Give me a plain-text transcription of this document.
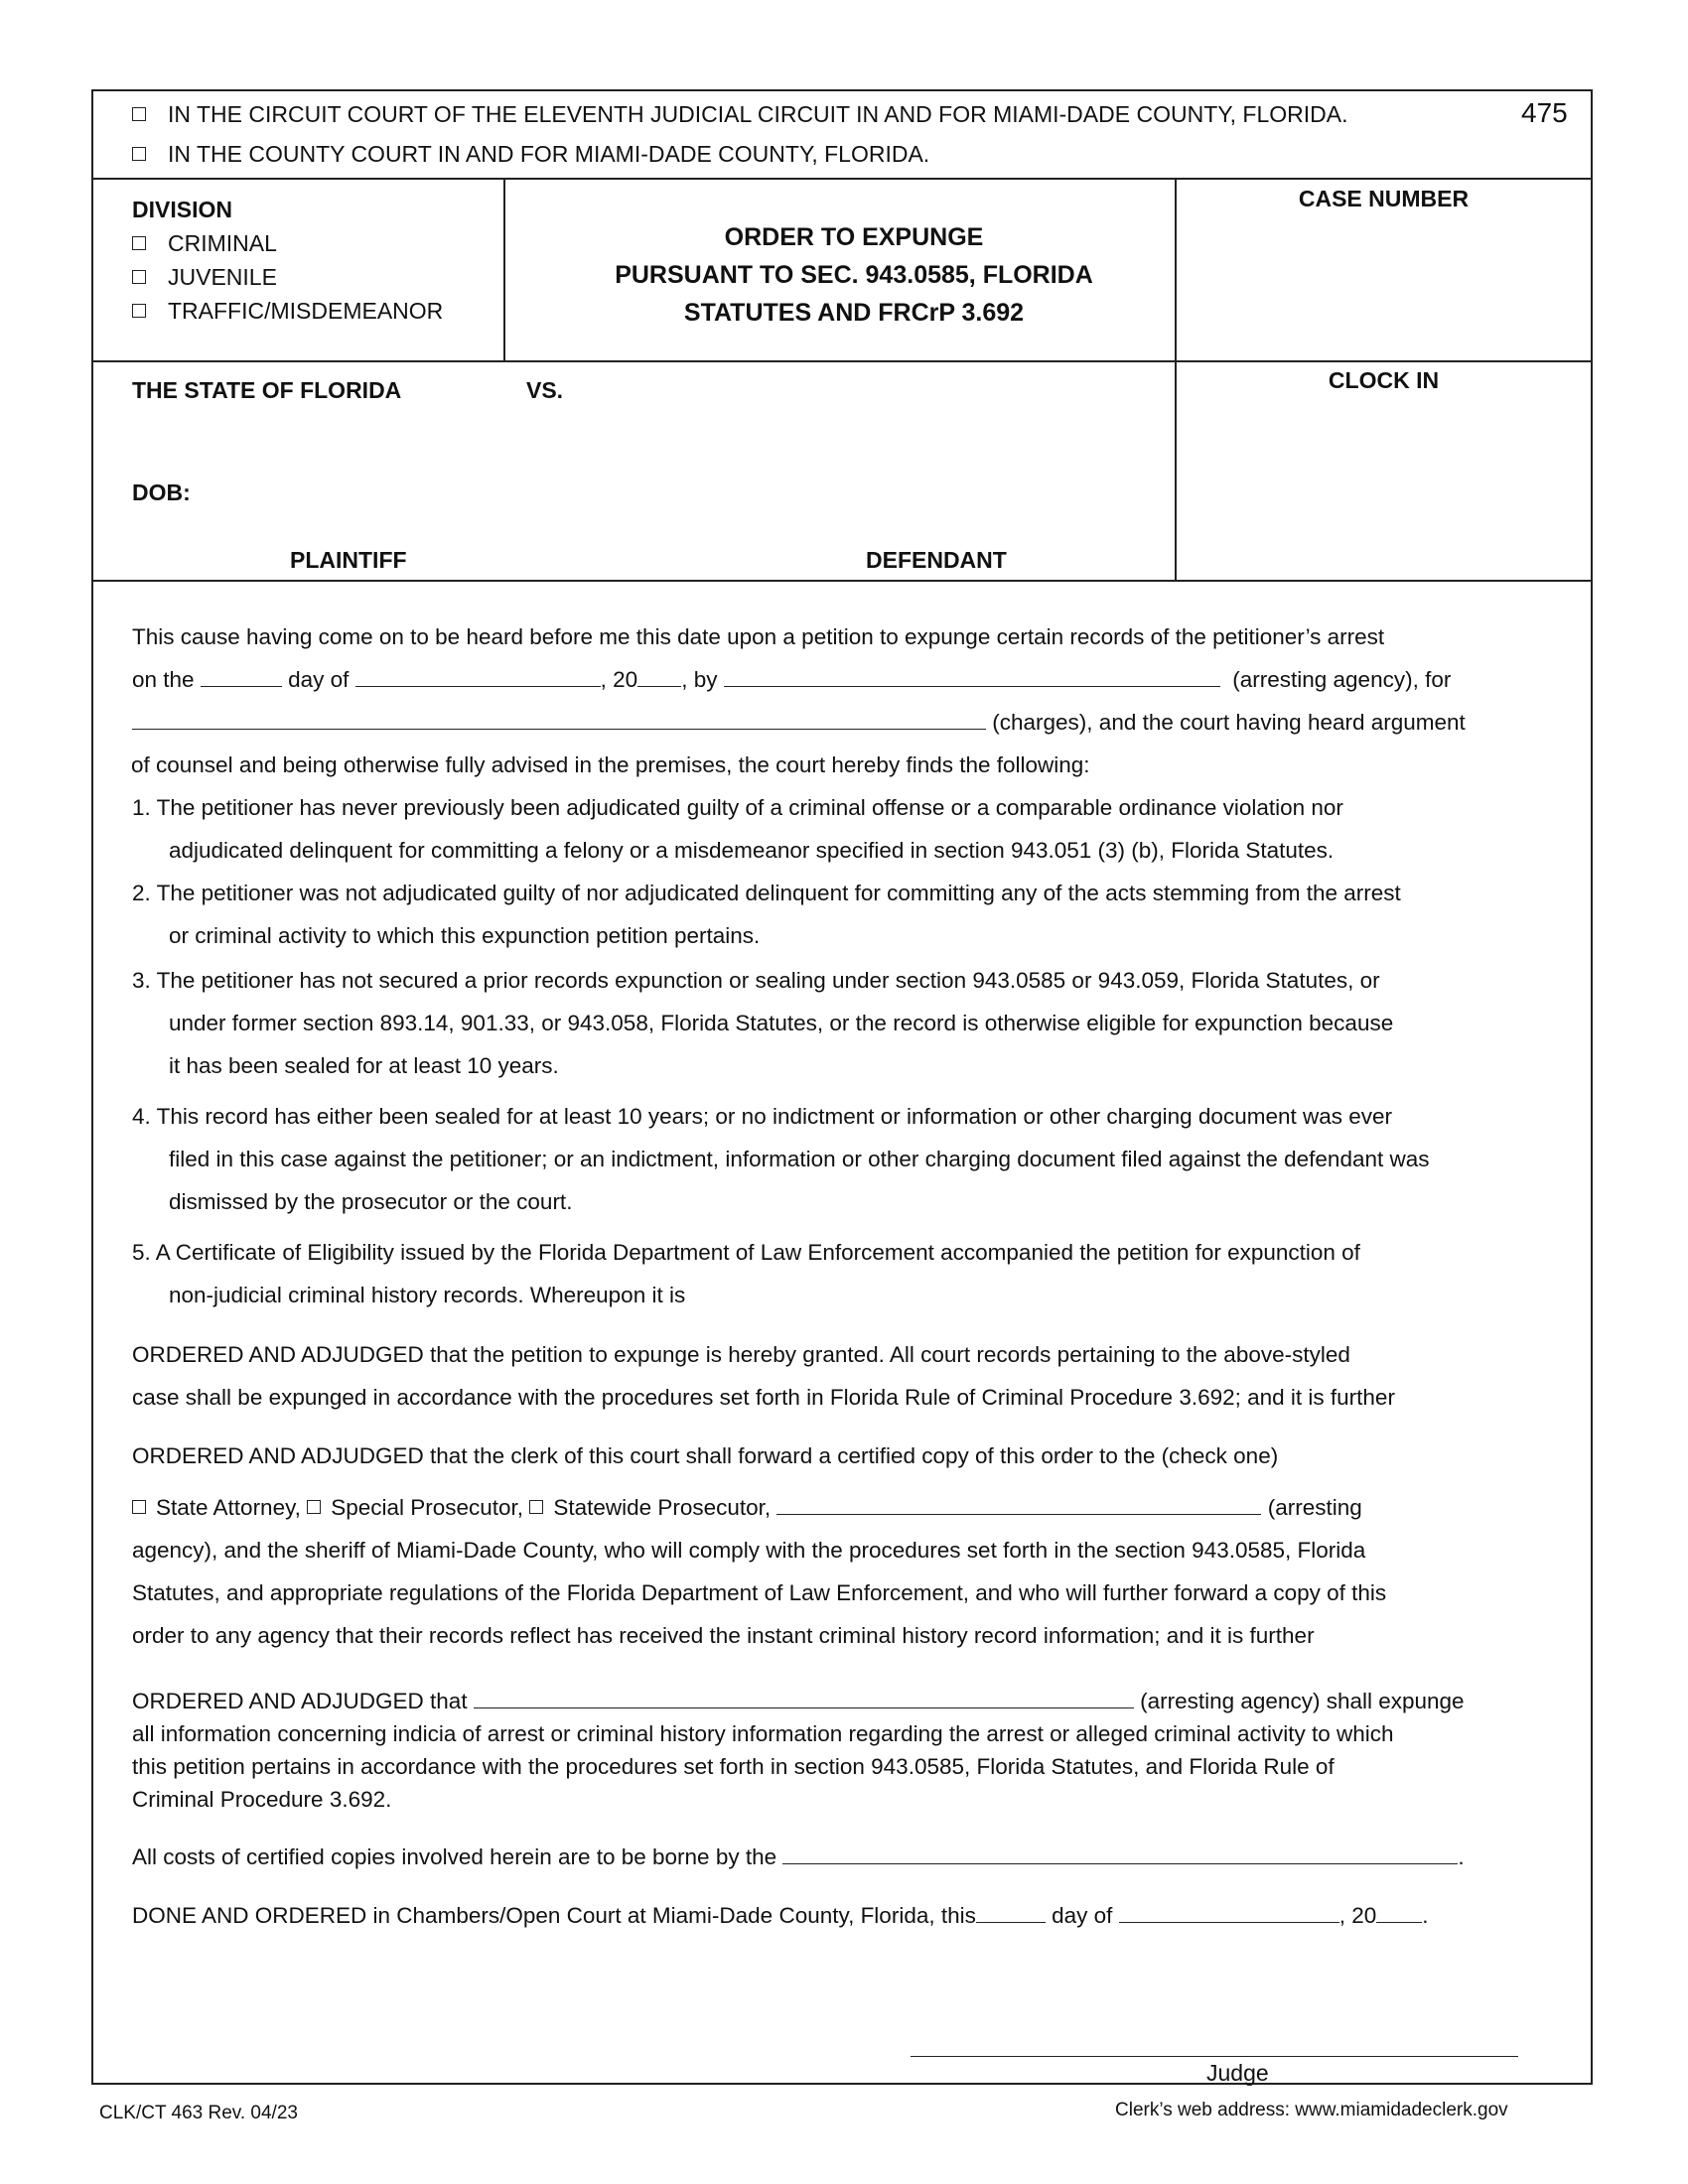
IN THE CIRCUIT COURT OF THE ELEVENTH JUDICIAL CIRCUIT IN AND FOR MIAMI-DADE COUNTY, FLORIDA.	475
IN THE COUNTY COURT IN AND FOR MIAMI-DADE COUNTY, FLORIDA.
DIVISION
CRIMINAL
JUVENILE
TRAFFIC/MISDEMEANOR
ORDER TO EXPUNGE
PURSUANT TO SEC. 943.0585, FLORIDA
STATUTES AND FRCrP 3.692
CASE NUMBER
THE STATE OF FLORIDA	VS.
DOB:
PLAINTIFF	DEFENDANT
CLOCK IN
This cause having come on to be heard before me this date upon a petition to expunge certain records of the petitioner’s arrest
on the	day of	, 20 , by	(arresting agency), for
(charges), and the court having heard argument
of counsel and being otherwise fully advised in the premises, the court hereby finds the following:
1. The petitioner has never previously been adjudicated guilty of a criminal offense or a comparable ordinance violation nor
adjudicated delinquent for committing a felony or a misdemeanor specified in section 943.051 (3) (b), Florida Statutes.
2. The petitioner was not adjudicated guilty of nor adjudicated delinquent for committing any of the acts stemming from the arrest
or criminal activity to which this expunction petition pertains.
3. The petitioner has not secured a prior records expunction or sealing under section 943.0585 or 943.059, Florida Statutes, or
under former section 893.14, 901.33, or 943.058, Florida Statutes, or the record is otherwise eligible for expunction because
it has been sealed for at least 10 years.
4. This record has either been sealed for at least 10 years; or no indictment or information or other charging document was ever
filed in this case against the petitioner; or an indictment, information or other charging document filed against the defendant was
dismissed by the prosecutor or the court.
5. A Certificate of Eligibility issued by the Florida Department of Law Enforcement accompanied the petition for expunction of
non-judicial criminal history records. Whereupon it is
ORDERED AND ADJUDGED that the petition to expunge is hereby granted. All court records pertaining to the above-styled
case shall be expunged in accordance with the procedures set forth in Florida Rule of Criminal Procedure 3.692; and it is further
ORDERED AND ADJUDGED that the clerk of this court shall forward a certified copy of this order to the (check one)
State Attorney, Special Prosecutor, Statewide Prosecutor,	(arresting
agency), and the sheriff of Miami-Dade County, who will comply with the procedures set forth in the section 943.0585, Florida
Statutes, and appropriate regulations of the Florida Department of Law Enforcement, and who will further forward a copy of this
order to any agency that their records reflect has received the instant criminal history record information; and it is further
ORDERED AND ADJUDGED that	(arresting agency) shall expunge
all information concerning indicia of arrest or criminal history information regarding the arrest or alleged criminal activity to which
this petition pertains in accordance with the procedures set forth in section 943.0585, Florida Statutes, and Florida Rule of
Criminal Procedure 3.692.
All costs of certified copies involved herein are to be borne by the	.
DONE AND ORDERED in Chambers/Open Court at Miami-Dade County, Florida, this	day of	, 20 .
Judge
CLK/CT 463 Rev. 04/23	Clerk’s web address: www.miamidadeclerk.gov
